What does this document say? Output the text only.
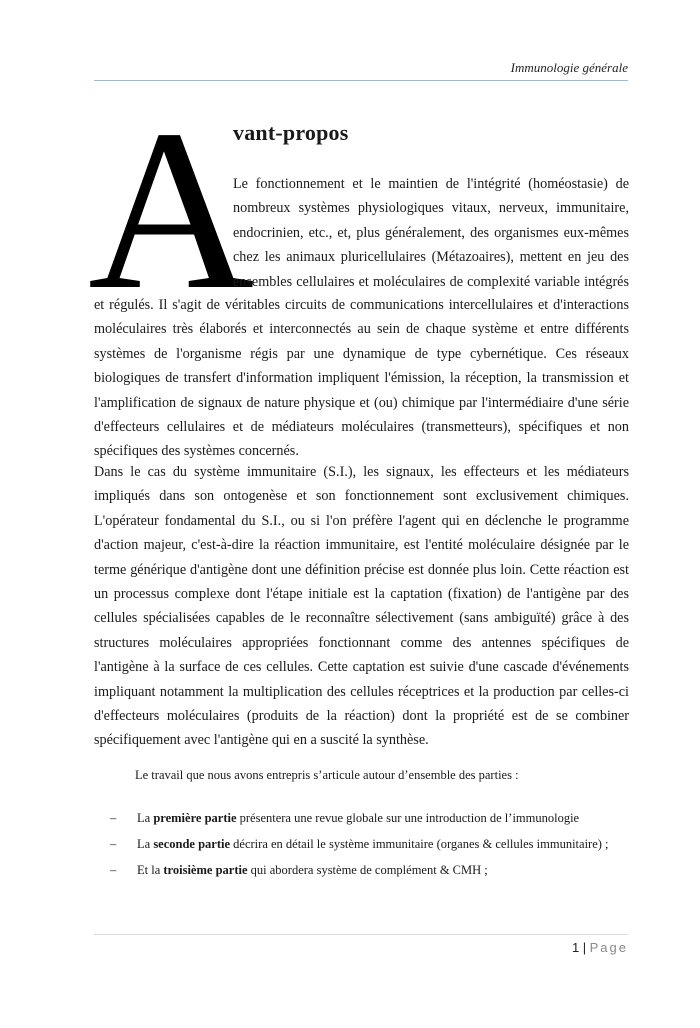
Immunologie générale
A
vant-propos
Le fonctionnement et le maintien de l'intégrité (homéostasie) de
nombreux systèmes physiologiques vitaux, nerveux, immunitaire,
endocrinien, etc., et, plus généralement, des organismes eux-mêmes
chez les animaux pluricellulaires (Métazoaires), mettent en jeu des
ensembles cellulaires et moléculaires de complexité variable intégrés
et régulés. Il s'agit de véritables circuits de communications intercellulaires et d'interactions
moléculaires très élaborés et interconnectés au sein de chaque système et entre différents
systèmes de l'organisme régis par une dynamique de type cybernétique. Ces réseaux
biologiques de transfert d'information impliquent l'émission, la réception, la transmission et
l'amplification de signaux de nature physique et (ou) chimique par l'intermédiaire d'une série
d'effecteurs cellulaires et de médiateurs moléculaires (transmetteurs), spécifiques et non
spécifiques des systèmes concernés.
Dans le cas du système immunitaire (S.I.), les signaux, les effecteurs et les médiateurs
impliqués dans son ontogenèse et son fonctionnement sont exclusivement chimiques.
L'opérateur fondamental du S.I., ou si l'on préfère l'agent qui en déclenche le programme
d'action majeur, c'est-à-dire la réaction immunitaire, est l'entité moléculaire désignée par le
terme générique d'antigène dont une définition précise est donnée plus loin. Cette réaction est
un processus complexe dont l'étape initiale est la captation (fixation) de l'antigène par des
cellules spécialisées capables de le reconnaître sélectivement (sans ambiguïté) grâce à des
structures moléculaires appropriées fonctionnant comme des antennes spécifiques de
l'antigène à la surface de ces cellules. Cette captation est suivie d'une cascade d'événements
impliquant notamment la multiplication des cellules réceptrices et la production par celles-ci
d'effecteurs moléculaires (produits de la réaction) dont la propriété est de se combiner
spécifiquement avec l'antigène qui en a suscité la synthèse.
Le travail que nous avons entrepris s’articule autour d’ensemble des parties :
– La première partie présentera une revue globale sur une introduction de l’immunologie
– La seconde partie décrira en détail le système immunitaire (organes & cellules immunitaire) ;
– Et la troisième partie qui abordera système de complément & CMH ;
1 | Page
